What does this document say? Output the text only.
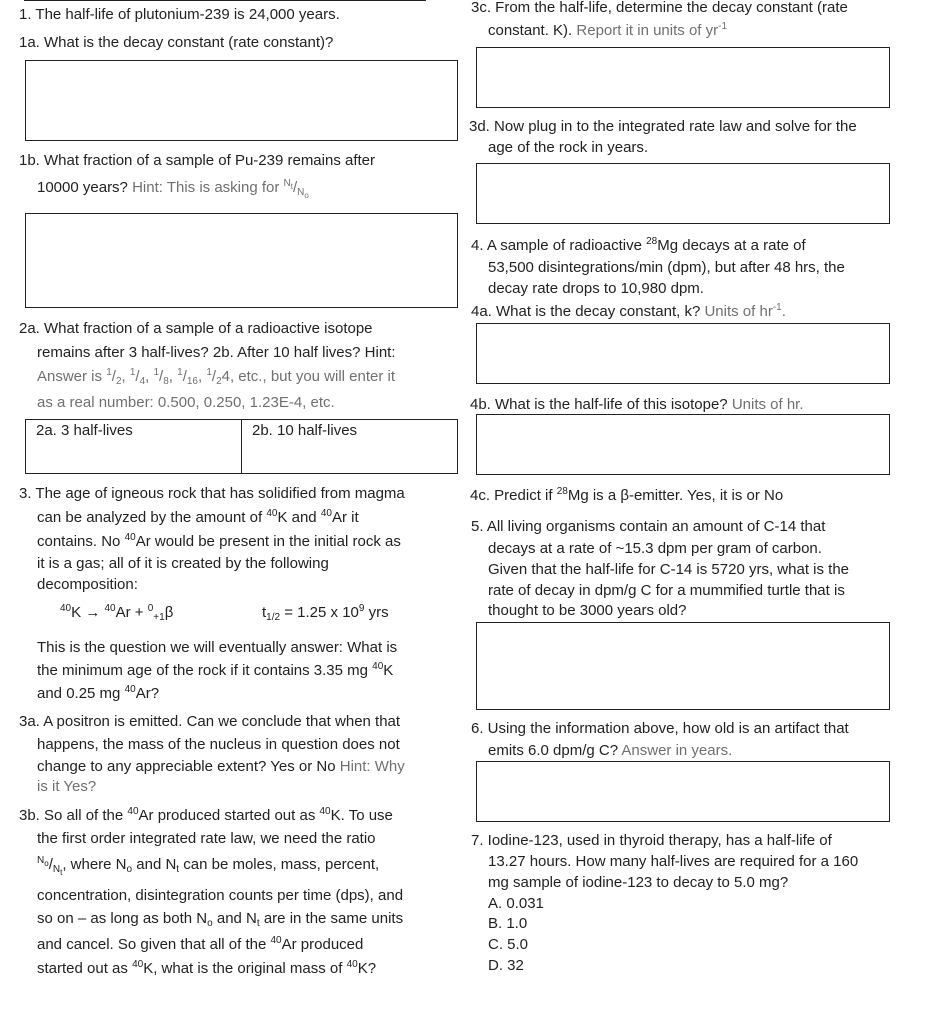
1. The half-life of plutonium-239 is 24,000 years.
1a. What is the decay constant (rate constant)?
1b. What fraction of a sample of Pu-239 remains after
10000 years? Hint: This is asking for $^{N_t}/_{N_o}$
2a. What fraction of a sample of a radioactive isotope
remains after 3 half-lives? 2b. After 10 half lives? Hint:
Answer is $^1/_2$, $^1/_4$, $^1/_8$, $^1/_{16}$, $^1/_24$, etc., but you will enter it
as a real number: 0.500, 0.250, 1.23E-4, etc.
2a. 3 half-lives	2b. 10 half-lives
3. The age of igneous rock that has solidified from magma
can be analyzed by the amount of $^{40}$K and $^{40}$Ar it
contains. No $^{40}$Ar would be present in the initial rock as
it is a gas; all of it is created by the following
decomposition:
$^{40}$K → $^{40}$Ar + $^0_{+1}$β	$t_{1/2} = 1.25$ x $10^9$ yrs
This is the question we will eventually answer: What is
the minimum age of the rock if it contains 3.35 mg $^{40}$K
and 0.25 mg $^{40}$Ar?
3a. A positron is emitted. Can we conclude that when that
happens, the mass of the nucleus in question does not
change to any appreciable extent? Yes or No Hint: Why
is it Yes?
3b. So all of the $^{40}$Ar produced started out as $^{40}$K. To use
the first order integrated rate law, we need the ratio
$^{N_o}/_{N_t}$, where $N_o$ and $N_t$ can be moles, mass, percent,
concentration, disintegration counts per time (dps), and
so on – as long as both $N_o$ and $N_t$ are in the same units
and cancel. So given that all of the $^{40}$Ar produced
started out as $^{40}$K, what is the original mass of $^{40}$K?
3c. From the half-life, determine the decay constant (rate
constant. K). Report it in units of $yr^{-1}$
3d. Now plug in to the integrated rate law and solve for the
age of the rock in years.
4. A sample of radioactive $^{28}$Mg decays at a rate of
53,500 disintegrations/min (dpm), but after 48 hrs, the
decay rate drops to 10,980 dpm.
4a. What is the decay constant, k? Units of $hr^{-1}$.
4b. What is the half-life of this isotope? Units of hr.
4c. Predict if $^{28}$Mg is a β-emitter. Yes, it is or No
5. All living organisms contain an amount of C-14 that
decays at a rate of ~15.3 dpm per gram of carbon.
Given that the half-life for C-14 is 5720 yrs, what is the
rate of decay in dpm/g C for a mummified turtle that is
thought to be 3000 years old?
6. Using the information above, how old is an artifact that
emits 6.0 dpm/g C? Answer in years.
7. Iodine-123, used in thyroid therapy, has a half-life of
13.27 hours. How many half-lives are required for a 160
mg sample of iodine-123 to decay to 5.0 mg?
A. 0.031
B. 1.0
C. 5.0
D. 32
